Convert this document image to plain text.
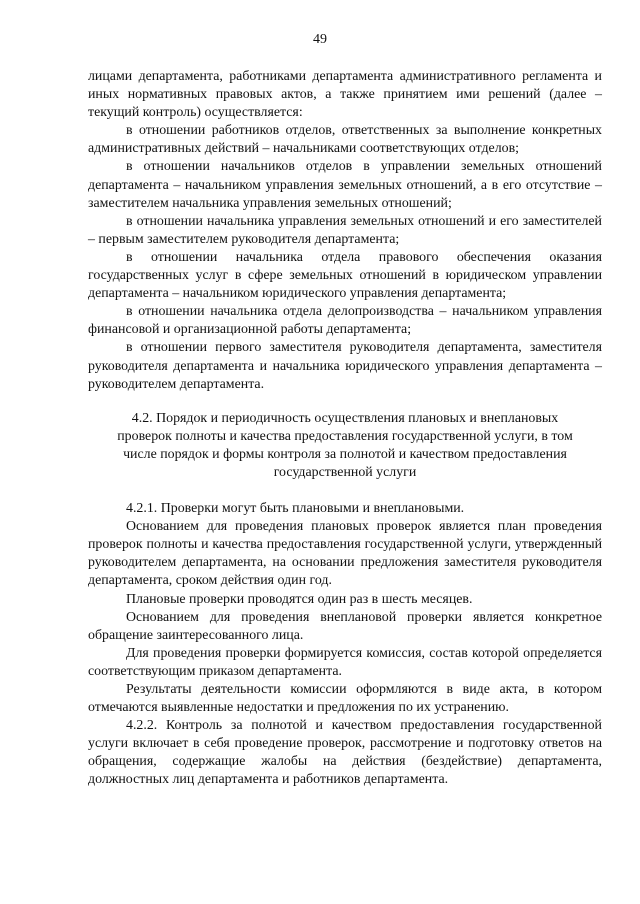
49

лицами департамента, работниками департамента административного регламента и иных нормативных правовых актов, а также принятием ими решений (далее – текущий контроль) осуществляется:

в отношении работников отделов, ответственных за выполнение конкретных административных действий – начальниками соответствующих отделов;

в отношении начальников отделов в управлении земельных отношений департамента – начальником управления земельных отношений, а в его отсутствие – заместителем начальника управления земельных отношений;

в отношении начальника управления земельных отношений и его заместителей – первым заместителем руководителя департамента;

в отношении начальника отдела правового обеспечения оказания государственных услуг в сфере земельных отношений в юридическом управлении департамента – начальником юридического управления департамента;

в отношении начальника отдела делопроизводства – начальником управления финансовой и организационной работы департамента;

в отношении первого заместителя руководителя департамента, заместителя руководителя департамента и начальника юридического управления департамента – руководителем департамента.

4.2. Порядок и периодичность осуществления плановых и внеплановых проверок полноты и качества предоставления государственной услуги, в том числе порядок и формы контроля за полнотой и качеством предоставления государственной услуги

4.2.1. Проверки могут быть плановыми и внеплановыми.

Основанием для проведения плановых проверок является план проведения проверок полноты и качества предоставления государственной услуги, утвержденный руководителем департамента, на основании предложения заместителя руководителя департамента, сроком действия один год.

Плановые проверки проводятся один раз в шесть месяцев.

Основанием для проведения внеплановой проверки является конкретное обращение заинтересованного лица.

Для проведения проверки формируется комиссия, состав которой определяется соответствующим приказом департамента.

Результаты деятельности комиссии оформляются в виде акта, в котором отмечаются выявленные недостатки и предложения по их устранению.

4.2.2. Контроль за полнотой и качеством предоставления государственной услуги включает в себя проведение проверок, рассмотрение и подготовку ответов на обращения, содержащие жалобы на действия (бездействие) департамента, должностных лиц департамента и работников департамента.
